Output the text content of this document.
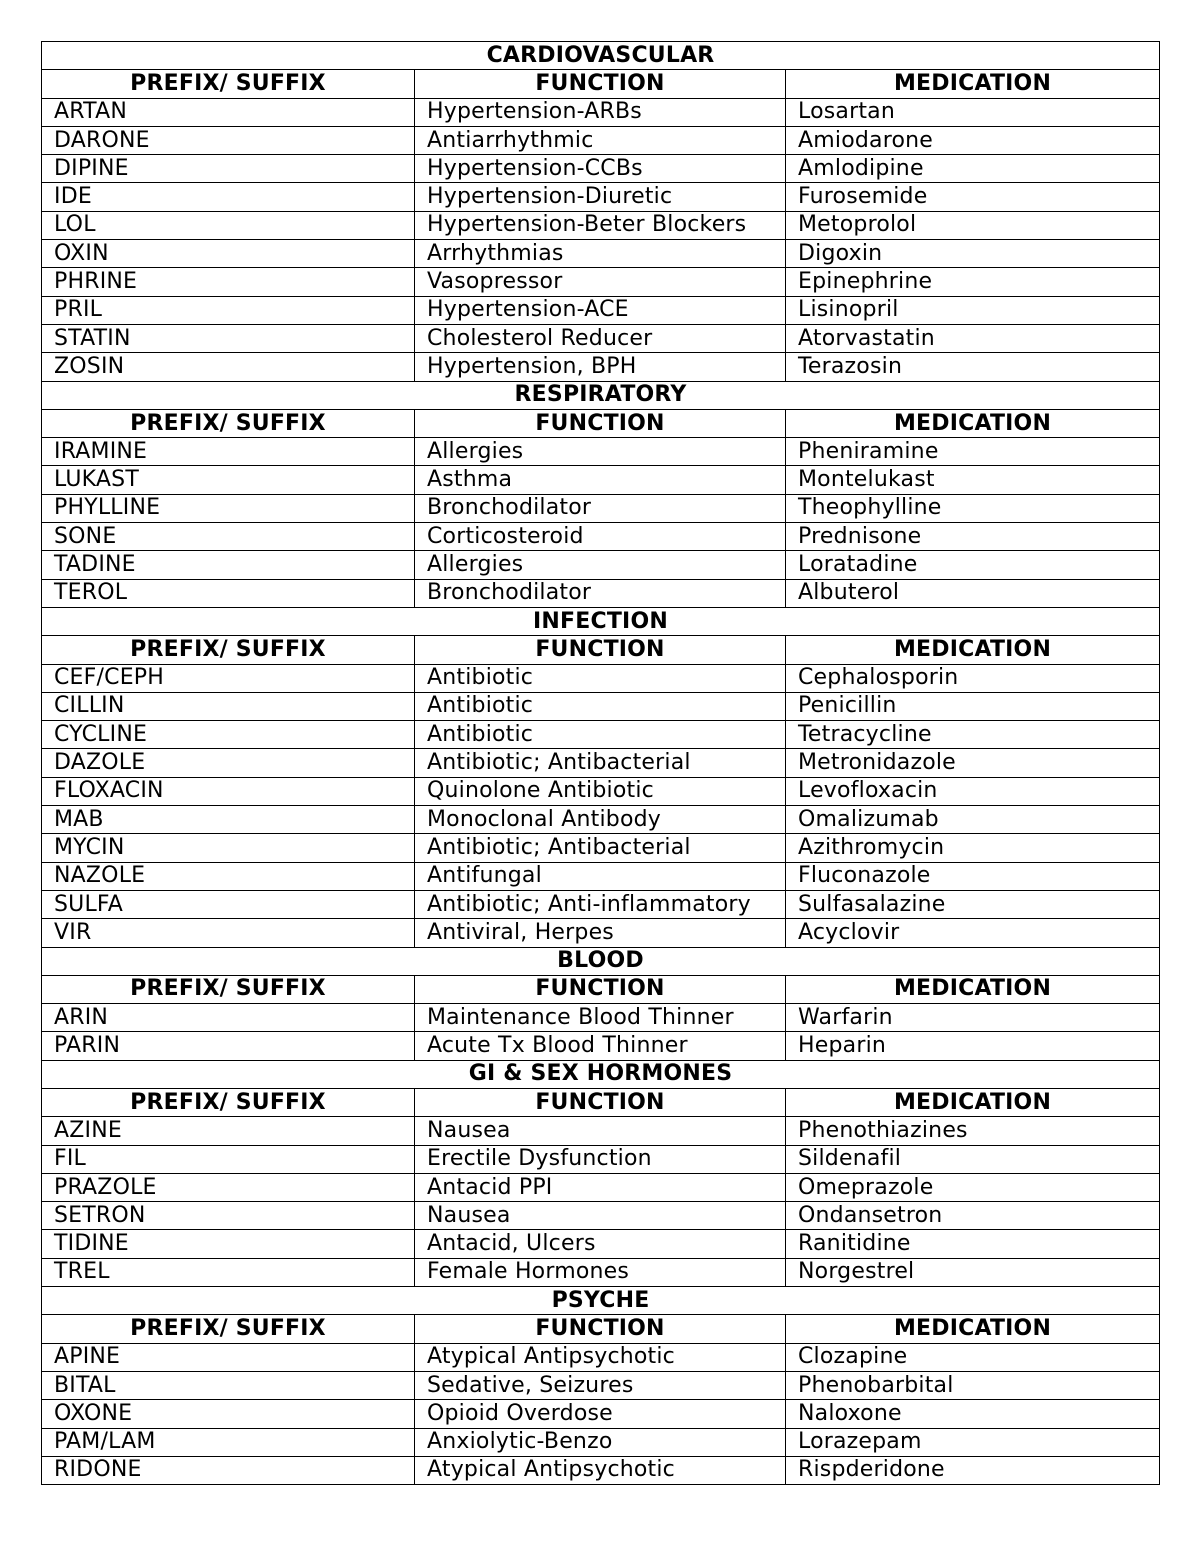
CARDIOVASCULAR		
PREFIX/ SUFFIX	FUNCTION	MEDICATION
ARTAN	Hypertension-ARBs	Losartan
DARONE	Antiarrhythmic	Amiodarone
DIPINE	Hypertension-CCBs	Amlodipine
IDE	Hypertension-Diuretic	Furosemide
LOL	Hypertension-Beter Blockers	Metoprolol
OXIN	Arrhythmias	Digoxin
PHRINE	Vasopressor	Epinephrine
PRIL	Hypertension-ACE	Lisinopril
STATIN	Cholesterol Reducer	Atorvastatin
ZOSIN	Hypertension, BPH	Terazosin
RESPIRATORY		
PREFIX/ SUFFIX	FUNCTION	MEDICATION
IRAMINE	Allergies	Pheniramine
LUKAST	Asthma	Montelukast
PHYLLINE	Bronchodilator	Theophylline
SONE	Corticosteroid	Prednisone
TADINE	Allergies	Loratadine
TEROL	Bronchodilator	Albuterol
INFECTION		
PREFIX/ SUFFIX	FUNCTION	MEDICATION
CEF/CEPH	Antibiotic	Cephalosporin
CILLIN	Antibiotic	Penicillin
CYCLINE	Antibiotic	Tetracycline
DAZOLE	Antibiotic; Antibacterial	Metronidazole
FLOXACIN	Quinolone Antibiotic	Levofloxacin
MAB	Monoclonal Antibody	Omalizumab
MYCIN	Antibiotic; Antibacterial	Azithromycin
NAZOLE	Antifungal	Fluconazole
SULFA	Antibiotic; Anti-inflammatory	Sulfasalazine
VIR	Antiviral, Herpes	Acyclovir
BLOOD		
PREFIX/ SUFFIX	FUNCTION	MEDICATION
ARIN	Maintenance Blood Thinner	Warfarin
PARIN	Acute Tx Blood Thinner	Heparin
GI & SEX HORMONES		
PREFIX/ SUFFIX	FUNCTION	MEDICATION
AZINE	Nausea	Phenothiazines
FIL	Erectile Dysfunction	Sildenafil
PRAZOLE	Antacid PPI	Omeprazole
SETRON	Nausea	Ondansetron
TIDINE	Antacid, Ulcers	Ranitidine
TREL	Female Hormones	Norgestrel
PSYCHE		
PREFIX/ SUFFIX	FUNCTION	MEDICATION
APINE	Atypical Antipsychotic	Clozapine
BITAL	Sedative, Seizures	Phenobarbital
OXONE	Opioid Overdose	Naloxone
PAM/LAM	Anxiolytic-Benzo	Lorazepam
RIDONE	Atypical Antipsychotic	Rispderidone
